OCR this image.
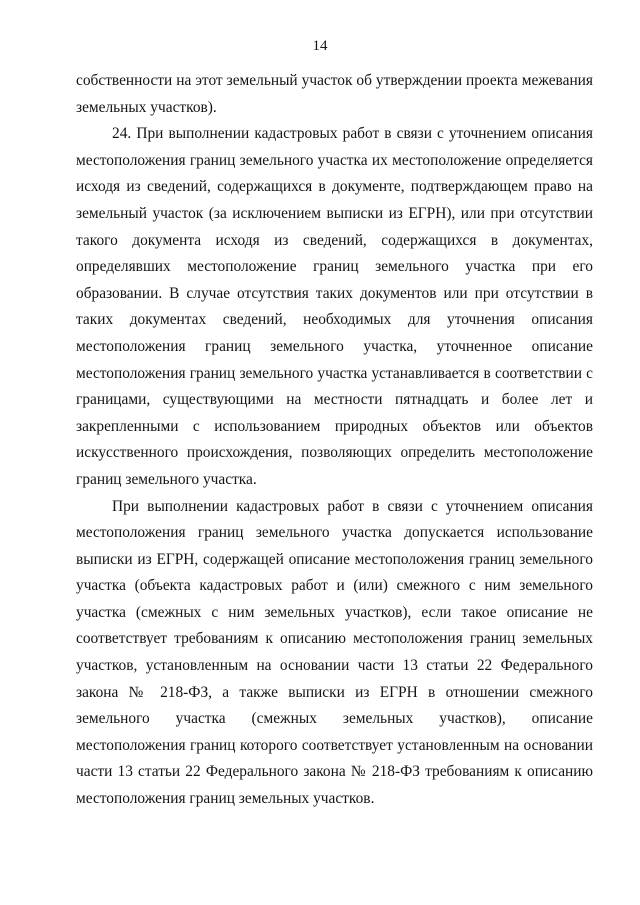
14

собственности на этот земельный участок об утверждении проекта межевания земельных участков).

24. При выполнении кадастровых работ в связи с уточнением описания местоположения границ земельного участка их местоположение определяется исходя из сведений, содержащихся в документе, подтверждающем право на земельный участок (за исключением выписки из ЕГРН), или при отсутствии такого документа исходя из сведений, содержащихся в документах, определявших местоположение границ земельного участка при его образовании. В случае отсутствия таких документов или при отсутствии в таких документах сведений, необходимых для уточнения описания местоположения границ земельного участка, уточненное описание местоположения границ земельного участка устанавливается в соответствии с границами, существующими на местности пятнадцать и более лет и закрепленными с использованием природных объектов или объектов искусственного происхождения, позволяющих определить местоположение границ земельного участка.

При выполнении кадастровых работ в связи с уточнением описания местоположения границ земельного участка допускается использование выписки из ЕГРН, содержащей описание местоположения границ земельного участка (объекта кадастровых работ и (или) смежного с ним земельного участка (смежных с ним земельных участков), если такое описание не соответствует требованиям к описанию местоположения границ земельных участков, установленным на основании части 13 статьи 22 Федерального закона № 218-ФЗ, а также выписки из ЕГРН в отношении смежного земельного участка (смежных земельных участков), описание местоположения границ которого соответствует установленным на основании части 13 статьи 22 Федерального закона № 218-ФЗ требованиям к описанию местоположения границ земельных участков.
